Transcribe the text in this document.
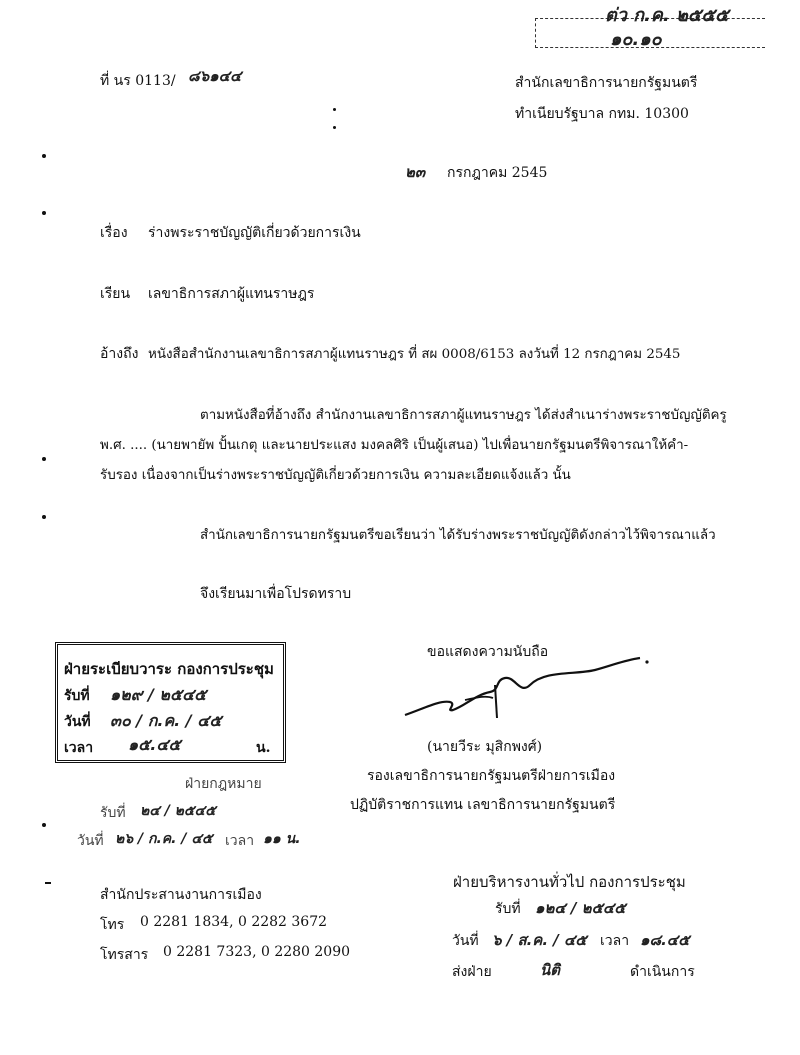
ต่ว ก.ค. ๒๕๕๕
๑๐.๑๐
ที่ นร 0113/ ๘๖๑๔๔	สำนักเลขาธิการนายกรัฐมนตรี
ทำเนียบรัฐบาล กทม. 10300
๒๓ กรกฎาคม 2545
เรื่อง ร่างพระราชบัญญัติเกี่ยวด้วยการเงิน
เรียน เลขาธิการสภาผู้แทนราษฎร
อ้างถึง หนังสือสำนักงานเลขาธิการสภาผู้แทนราษฎร ที่ สผ 0008/6153 ลงวันที่ 12 กรกฎาคม 2545
ตามหนังสือที่อ้างถึง สำนักงานเลขาธิการสภาผู้แทนราษฎร ได้ส่งสำเนาร่างพระราชบัญญัติครู
พ.ศ. .... (นายพายัพ ปั้นเกตุ และนายประแสง มงคลศิริ เป็นผู้เสนอ) ไปเพื่อนายกรัฐมนตรีพิจารณาให้คำ-
รับรอง เนื่องจากเป็นร่างพระราชบัญญัติเกี่ยวด้วยการเงิน ความละเอียดแจ้งแล้ว นั้น
สำนักเลขาธิการนายกรัฐมนตรีขอเรียนว่า ได้รับร่างพระราชบัญญัติดังกล่าวไว้พิจารณาแล้ว
จึงเรียนมาเพื่อโปรดทราบ
ขอแสดงความนับถือ
(นายวีระ มุสิกพงศ์)
รองเลขาธิการนายกรัฐมนตรีฝ่ายการเมือง
ปฏิบัติราชการแทน เลขาธิการนายกรัฐมนตรี
ฝ่ายระเบียบวาระ กองการประชุม
รับที่ ๑๒๙ / ๒๕๔๕
วันที่ ๓๐ / ก.ค. / ๔๕
เวลา ๑๕.๔๕	น.
ฝ่ายกฎหมาย
รับที่ ๒๔ / ๒๕๔๕
วันที่ ๒๖ / ก.ค. / ๔๕ เวลา ๑๑ น.
สำนักประสานงานการเมือง
โทร 0 2281 1834, 0 2282 3672
โทรสาร 0 2281 7323, 0 2280 2090
ฝ่ายบริหารงานทั่วไป กองการประชุม
รับที่ ๑๒๔ / ๒๕๔๕
วันที่ ๖ / ส.ค. / ๔๕ เวลา ๑๘.๔๕
ส่งฝ่าย	นิติ	ดำเนินการ
